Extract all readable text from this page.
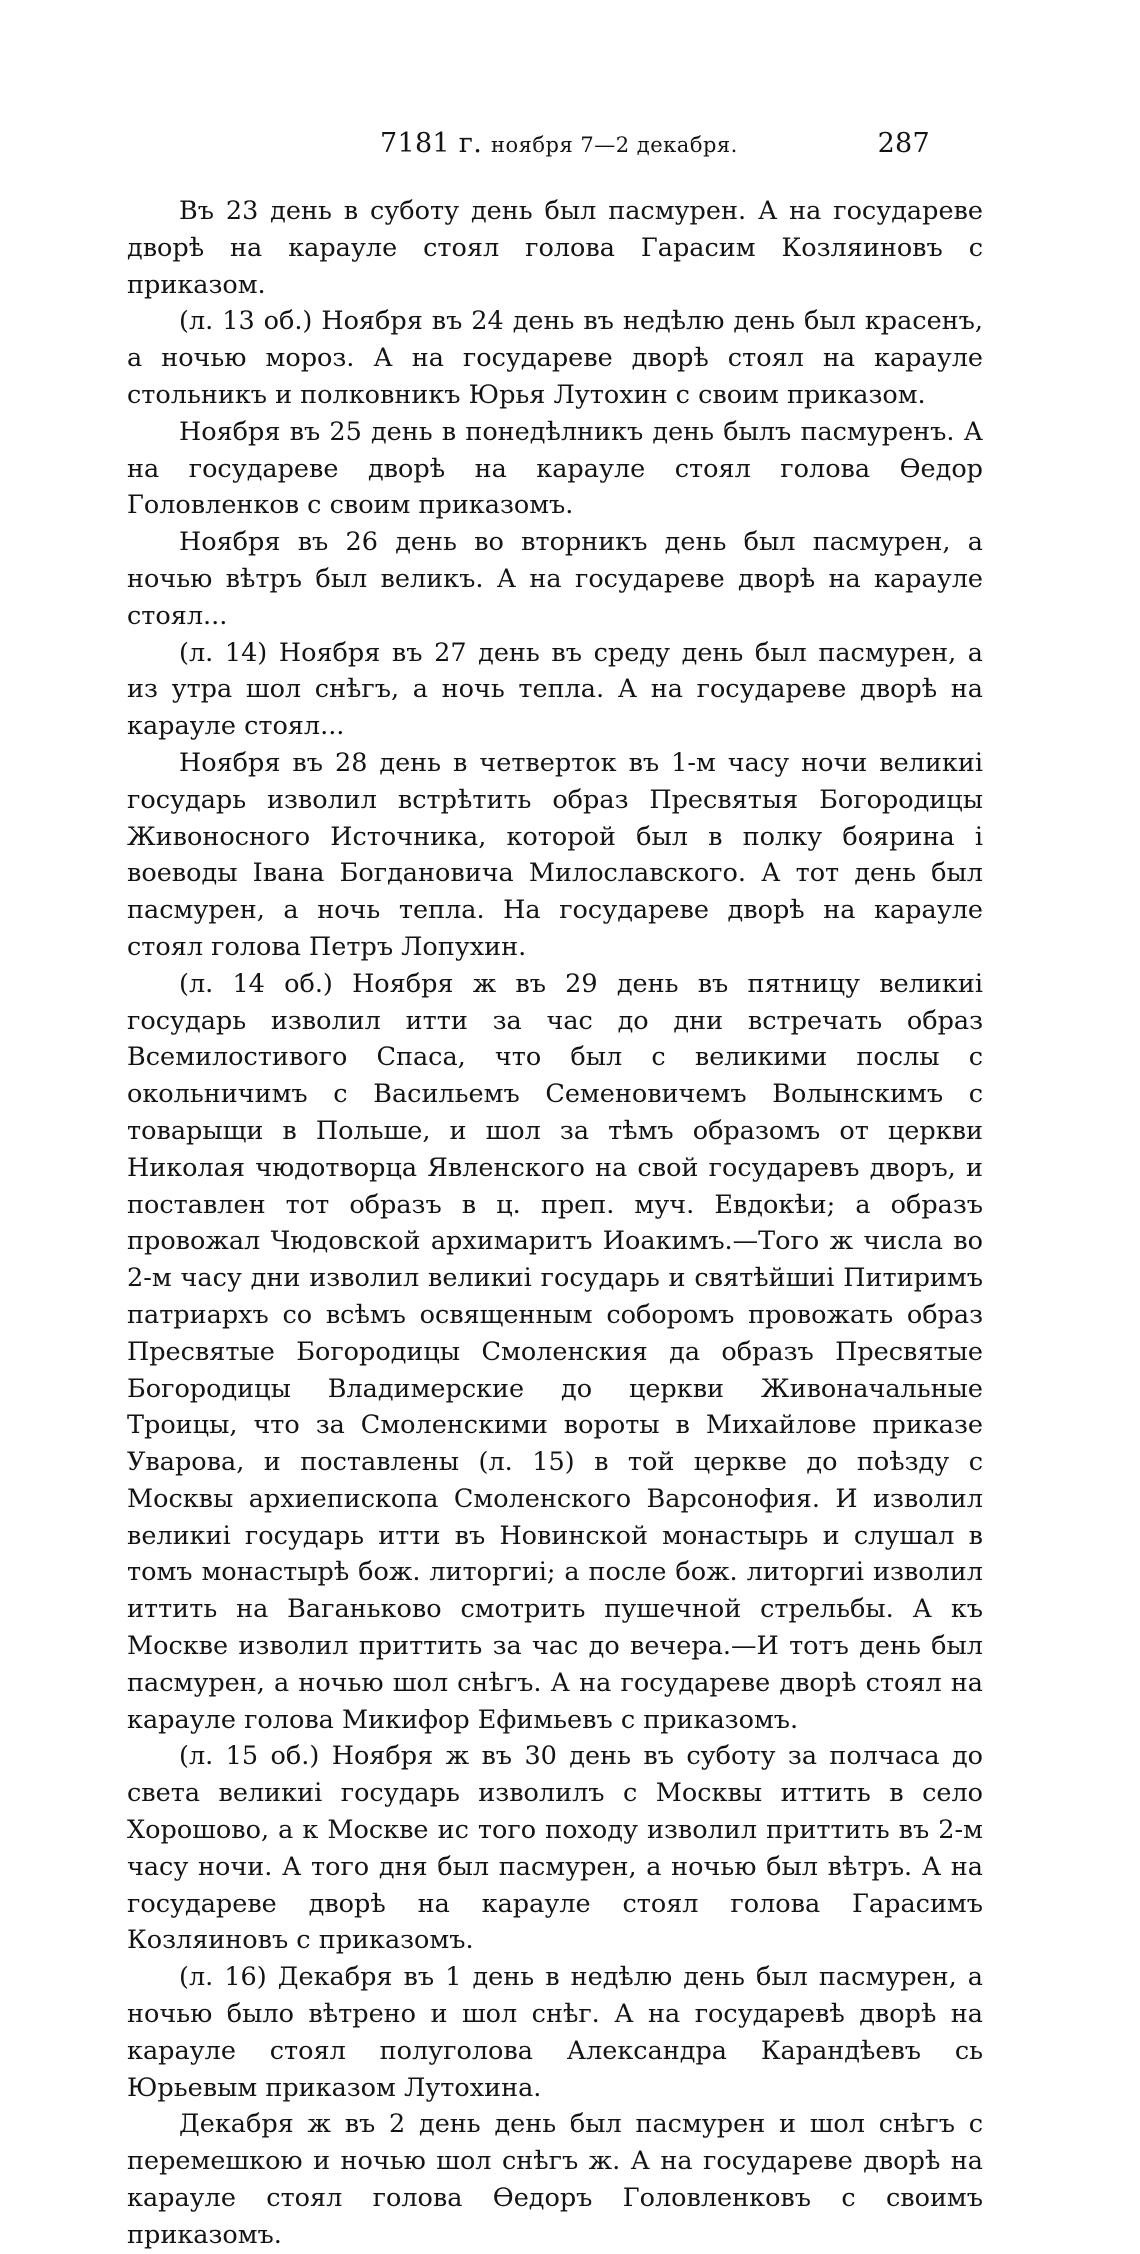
7181 г. ноября 7—2 декабря.	287

Въ 23 день в суботу день был пасмурен. А на государеве дворѣ на карауле стоял голова Гарасим Козляиновъ с приказом.

(л. 13 об.) Ноября въ 24 день въ недѣлю день был красенъ, а ночью мороз. А на государеве дворѣ стоял на карауле стольникъ и полковникъ Юрья Лутохин с своим приказом.

Ноября въ 25 день в понедѣлникъ день былъ пасмуренъ. А на государеве дворѣ на карауле стоял голова Ѳедор Головленков с своим приказомъ.

Ноября въ 26 день во вторникъ день был пасмурен, а ночью вѣтръ был великъ. А на государеве дворѣ на карауле стоял...

(л. 14) Ноября въ 27 день въ среду день был пасмурен, а из утра шол снѣгъ, а ночь тепла. А на государеве дворѣ на карауле стоял...

Ноября въ 28 день в четверток въ 1-м часу ночи великиі государь изволил встрѣтить образ Пресвятыя Богородицы Живоносного Источника, которой был в полку боярина і воеводы Івана Богдановича Милославского. А тот день был пасмурен, а ночь тепла. На государеве дворѣ на карауле стоял голова Петръ Лопухин.

(л. 14 об.) Ноября ж въ 29 день въ пятницу великиі государь изволил итти за час до дни встречать образ Всемилостивого Спаса, что был с великими послы с окольничимъ с Васильемъ Семеновичемъ Волынскимъ с товарыщи в Польше, и шол за тѣмъ образомъ от церкви Николая чюдотворца Явленского на свой государевъ дворъ, и поставлен тот образъ в ц. преп. муч. Евдокѣи; а образъ провожал Чюдовской архимаритъ Иоакимъ.—Того ж числа во 2-м часу дни изволил великиі государь и святѣйшиі Питиримъ патриархъ со всѣмъ освященным соборомъ провожать образ Пресвятые Богородицы Смоленския да образъ Пресвятые Богородицы Владимерские до церкви Живоначальные Троицы, что за Смоленскими вороты в Михайлове приказе Уварова, и поставлены (л. 15) в той церкве до поѣзду с Москвы архиепископа Смоленского Варсонофия. И изволил великиі государь итти въ Новинской монастырь и слушал в томъ монастырѣ бож. литоргиі; а после бож. литоргиі изволил иттить на Ваганьково смотрить пушечной стрельбы. А къ Москве изволил приттить за час до вечера.—И тотъ день был пасмурен, а ночью шол снѣгъ. А на государеве дворѣ стоял на карауле голова Микифор Ефимьевъ с приказомъ.

(л. 15 об.) Ноября ж въ 30 день въ суботу за полчаса до света великиі государь изволилъ с Москвы иттить в село Хорошово, а к Москве ис того походу изволил приттить въ 2-м часу ночи. А того дня был пасмурен, а ночью был вѣтръ. А на государеве дворѣ на карауле стоял голова Гарасимъ Козляиновъ с приказомъ.

(л. 16) Декабря въ 1 день в недѣлю день был пасмурен, а ночью было вѣтрено и шол снѣг. А на государевѣ дворѣ на карауле стоял полуголова Александра Карандѣевъ сь Юрьевым приказом Лутохина.

Декабря ж въ 2 день день был пасмурен и шол снѣгъ с перемешкою и ночью шол снѣгъ ж. А на государеве дворѣ на карауле стоял голова Ѳедоръ Головленковъ с своимъ приказомъ.
